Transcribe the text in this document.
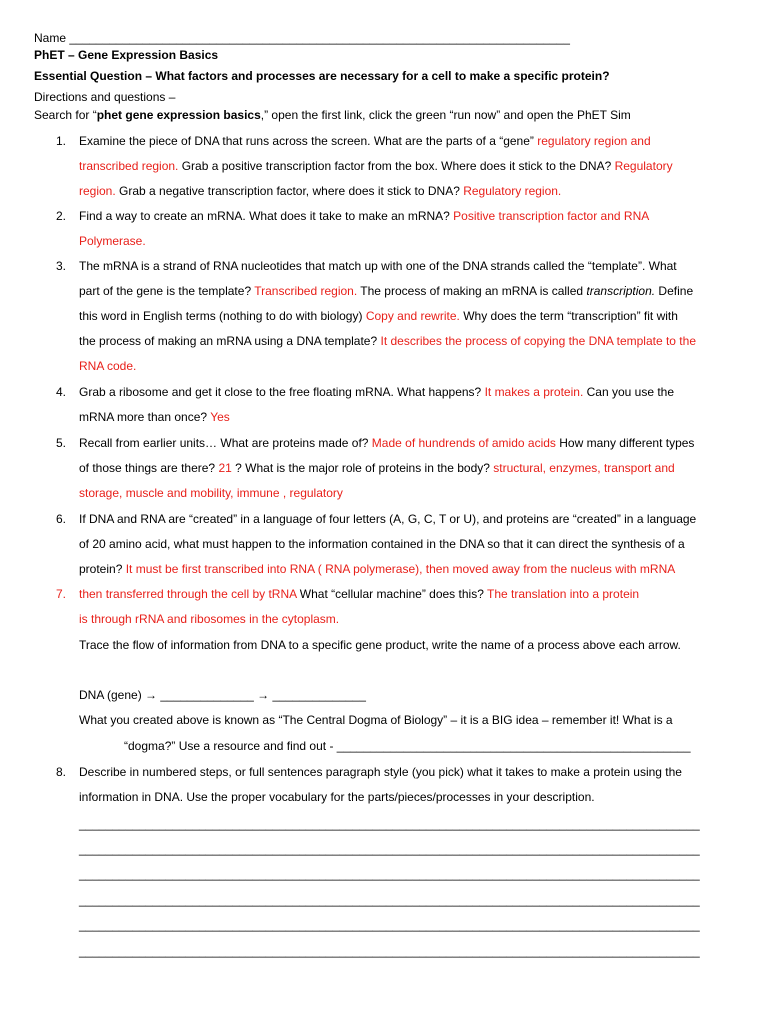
Name ___________________________________________________________________________
PhET – Gene Expression Basics
Essential Question – What factors and processes are necessary for a cell to make a specific protein?
Directions and questions –
Search for “phet gene expression basics,” open the first link, click the green “run now” and open the PhET Sim
1. Examine the piece of DNA that runs across the screen. What are the parts of a “gene” regulatory region and
transcribed region. Grab a positive transcription factor from the box. Where does it stick to the DNA? Regulatory
region. Grab a negative transcription factor, where does it stick to DNA? Regulatory region.
2. Find a way to create an mRNA. What does it take to make an mRNA? Positive transcription factor and RNA
Polymerase.
3. The mRNA is a strand of RNA nucleotides that match up with one of the DNA strands called the “template”. What
part of the gene is the template? Transcribed region. The process of making an mRNA is called transcription. Define
this word in English terms (nothing to do with biology) Copy and rewrite. Why does the term “transcription” fit with
the process of making an mRNA using a DNA template? It describes the process of copying the DNA template to the
RNA code.
4. Grab a ribosome and get it close to the free floating mRNA. What happens? It makes a protein. Can you use the
mRNA more than once? Yes
5. Recall from earlier units… What are proteins made of? Made of hundrends of amido acids How many different types
of those things are there? 21 ? What is the major role of proteins in the body? structural, enzymes, transport and
storage, muscle and mobility, immune , regulatory
6. If DNA and RNA are “created” in a language of four letters (A, G, C, T or U), and proteins are “created” in a language
of 20 amino acid, what must happen to the information contained in the DNA so that it can direct the synthesis of a
protein? It must be first transcribed into RNA ( RNA polymerase), then moved away from the nucleus with mRNA
7. then transferred through the cell by tRNA What “cellular machine” does this? The translation into a protein
is through rRNA and ribosomes in the cytoplasm.
Trace the flow of information from DNA to a specific gene product, write the name of a process above each arrow.
DNA (gene) → ______________ → ______________
What you created above is known as “The Central Dogma of Biology” – it is a BIG idea – remember it! What is a
“dogma?” Use a resource and find out - _____________________________________________________
8. Describe in numbered steps, or full sentences paragraph style (you pick) what it takes to make a protein using the
information in DNA. Use the proper vocabulary for the parts/pieces/processes in your description.
_____________________________________________________________________________________________
_____________________________________________________________________________________________
_____________________________________________________________________________________________
_____________________________________________________________________________________________
_____________________________________________________________________________________________
_____________________________________________________________________________________________
